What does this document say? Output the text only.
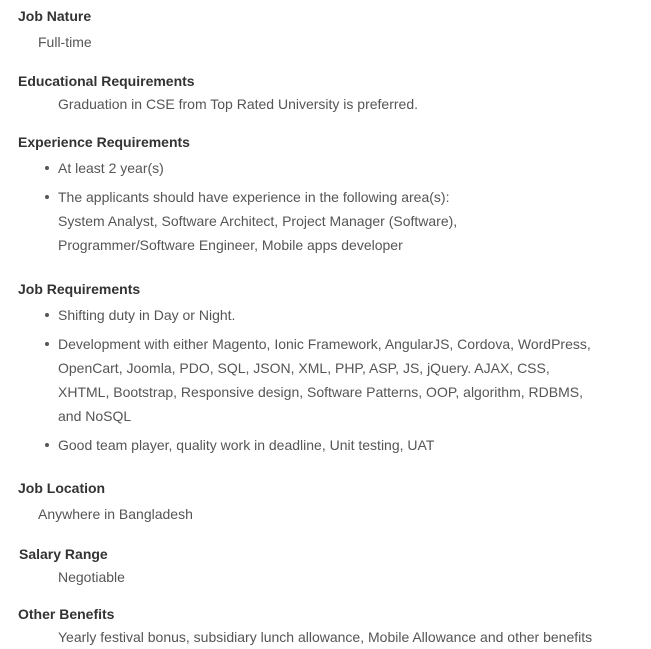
Job Nature

Full-time

Educational Requirements

Graduation in CSE from Top Rated University is preferred.

Experience Requirements
At least 2 year(s)
The applicants should have experience in the following area(s):
System Analyst, Software Architect, Project Manager (Software),
Programmer/Software Engineer, Mobile apps developer
Job Requirements
Shifting duty in Day or Night.
Development with either Magento, Ionic Framework, AngularJS, Cordova, WordPress,
OpenCart, Joomla, PDO, SQL, JSON, XML, PHP, ASP, JS, jQuery. AJAX, CSS,
XHTML, Bootstrap, Responsive design, Software Patterns, OOP, algorithm, RDBMS,
and NoSQL
Good team player, quality work in deadline, Unit testing, UAT
Job Location

Anywhere in Bangladesh

Salary Range

Negotiable

Other Benefits

Yearly festival bonus, subsidiary lunch allowance, Mobile Allowance and other benefits
